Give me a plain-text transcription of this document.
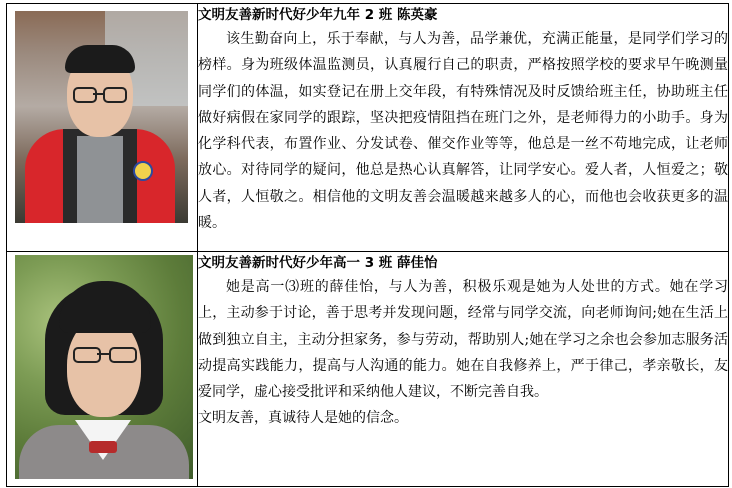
	文明友善新时代好少年九年 2 班 陈英豪

该生勤奋向上，乐于奉献，与人为善，品学兼优，充满正能量，是同学们学习的榜样。身为班级体温监测员，认真履行自己的职责，严格按照学校的要求早午晚测量同学们的体温，如实登记在册上交年段，有特殊情况及时反馈给班主任，协助班主任做好病假在家同学的跟踪，坚决把疫情阻挡在班门之外，是老师得力的小助手。身为化学科代表，布置作业、分发试卷、催交作业等等，他总是一丝不苟地完成，让老师放心。对待同学的疑问，他总是热心认真解答，让同学安心。爱人者，人恒爱之；敬人者，人恒敬之。相信他的文明友善会温暖越来越多人的心，而他也会收获更多的温暖。

	文明友善新时代好少年高一 3 班 薛佳怡

她是高一⑶班的薛佳怡，与人为善，积极乐观是她为人处世的方式。她在学习上，主动参于讨论，善于思考并发现问题，经常与同学交流，向老师询问;她在生活上做到独立自主，主动分担家务，参与劳动，帮助别人;她在学习之余也会参加志服务活动提高实践能力，提高与人沟通的能力。她在自我修养上，严于律己，孝亲敬长，友爱同学，虚心接受批评和采纳他人建议，不断完善自我。

文明友善，真诚待人是她的信念。
